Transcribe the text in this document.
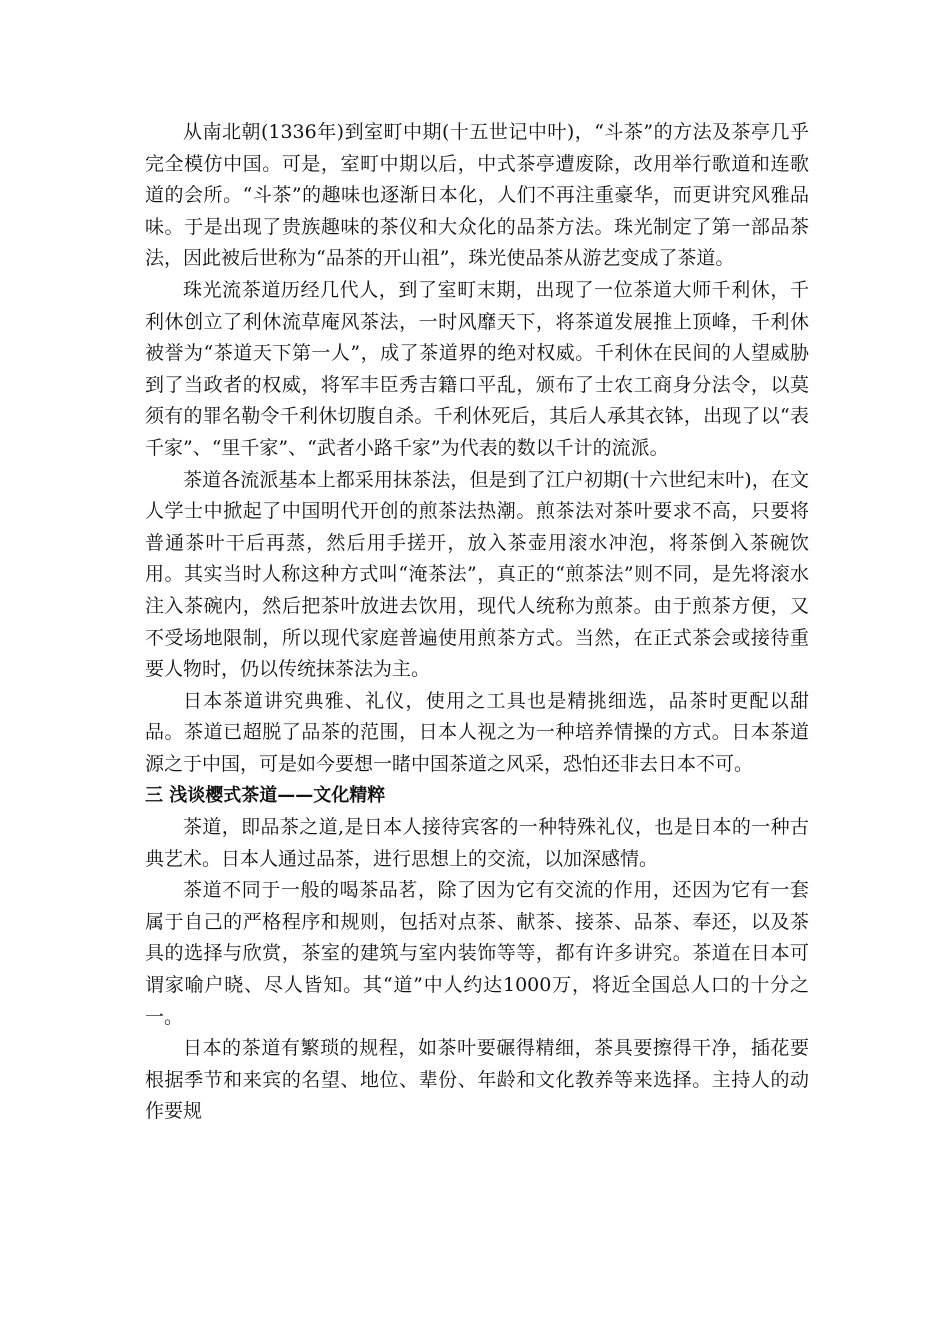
从南北朝(1336年)到室町中期(十五世记中叶)，“斗茶”的方法及茶亭几乎完全模仿中国。可是，室町中期以后，中式茶亭遭废除，改用举行歌道和连歌道的会所。“斗茶”的趣味也逐渐日本化，人们不再注重豪华，而更讲究风雅品味。于是出现了贵族趣味的茶仪和大众化的品茶方法。珠光制定了第一部品茶法，因此被后世称为“品茶的开山祖”，珠光使品茶从游艺变成了茶道。

珠光流茶道历经几代人，到了室町末期，出现了一位茶道大师千利休，千利休创立了利休流草庵风茶法，一时风靡天下，将茶道发展推上顶峰，千利休被誉为“茶道天下第一人”，成了茶道界的绝对权威。千利休在民间的人望威胁到了当政者的权威，将军丰臣秀吉籍口平乱，颁布了士农工商身分法令，以莫须有的罪名勒令千利休切腹自杀。千利休死后，其后人承其衣钵，出现了以“表千家”、“里千家”、“武者小路千家”为代表的数以千计的流派。

茶道各流派基本上都采用抹茶法，但是到了江户初期(十六世纪末叶)，在文人学士中掀起了中国明代开创的煎茶法热潮。煎茶法对茶叶要求不高，只要将普通茶叶干后再蒸，然后用手搓开，放入茶壶用滚水冲泡，将茶倒入茶碗饮用。其实当时人称这种方式叫“淹茶法”，真正的“煎茶法”则不同，是先将滚水注入茶碗内，然后把茶叶放进去饮用，现代人统称为煎茶。由于煎茶方便，又不受场地限制，所以现代家庭普遍使用煎茶方式。当然，在正式茶会或接待重要人物时，仍以传统抹茶法为主。

日本茶道讲究典雅、礼仪，使用之工具也是精挑细选，品茶时更配以甜品。茶道已超脱了品茶的范围，日本人视之为一种培养情操的方式。日本茶道源之于中国，可是如今要想一睹中国茶道之风采，恐怕还非去日本不可。

三 浅谈樱式茶道——文化精粹

茶道，即品茶之道,是日本人接待宾客的一种特殊礼仪，也是日本的一种古典艺术。日本人通过品茶，进行思想上的交流，以加深感情。

茶道不同于一般的喝茶品茗，除了因为它有交流的作用，还因为它有一套属于自己的严格程序和规则，包括对点茶、献茶、接茶、品茶、奉还，以及茶具的选择与欣赏，茶室的建筑与室内装饰等等，都有许多讲究。茶道在日本可谓家喻户晓、尽人皆知。其“道”中人约达1000万，将近全国总人口的十分之一。

日本的茶道有繁琐的规程，如茶叶要碾得精细，茶具要擦得干净，插花要根据季节和来宾的名望、地位、辈份、年龄和文化教养等来选择。主持人的动作要规
